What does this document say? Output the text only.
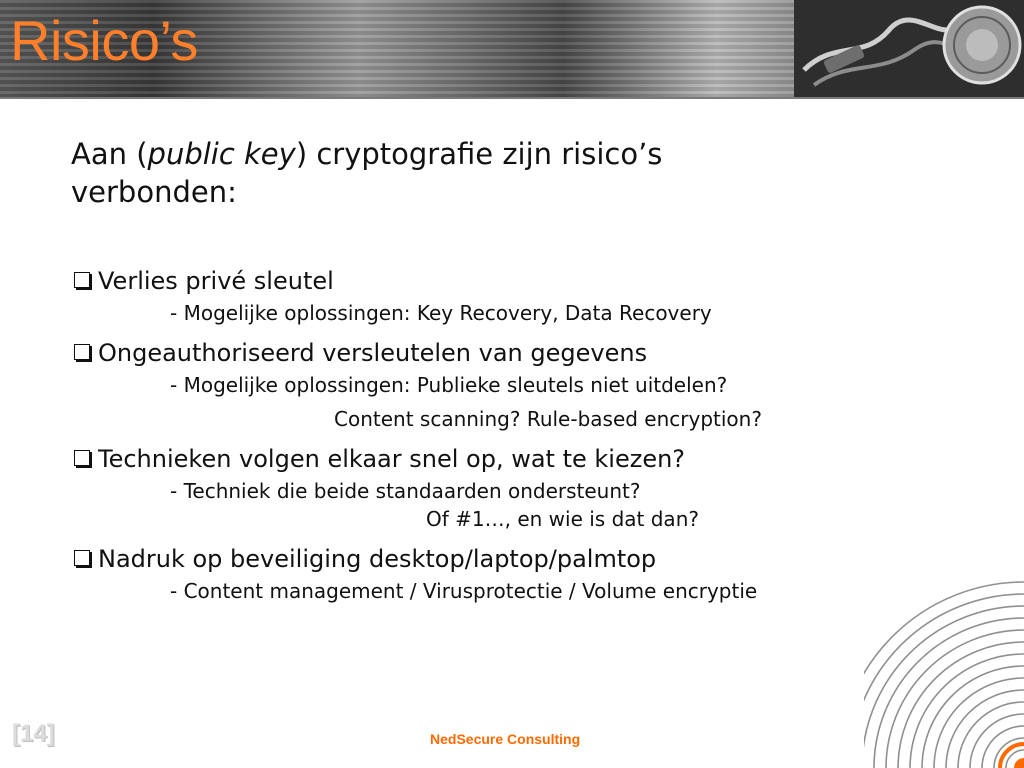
Risico’s

Aan (public key) cryptografie zijn risico’s verbonden:

Verlies privé sleutel
- Mogelijke oplossingen: Key Recovery, Data Recovery
Ongeauthoriseerd versleutelen van gegevens
- Mogelijke oplossingen: Publieke sleutels niet uitdelen?
Content scanning? Rule-based encryption?
Technieken volgen elkaar snel op, wat te kiezen?
- Techniek die beide standaarden ondersteunt?
Of #1…, en wie is dat dan?
Nadruk op beveiliging desktop/laptop/palmtop
- Content management / Virusprotectie / Volume encryptie
[14]	NedSecure Consulting
